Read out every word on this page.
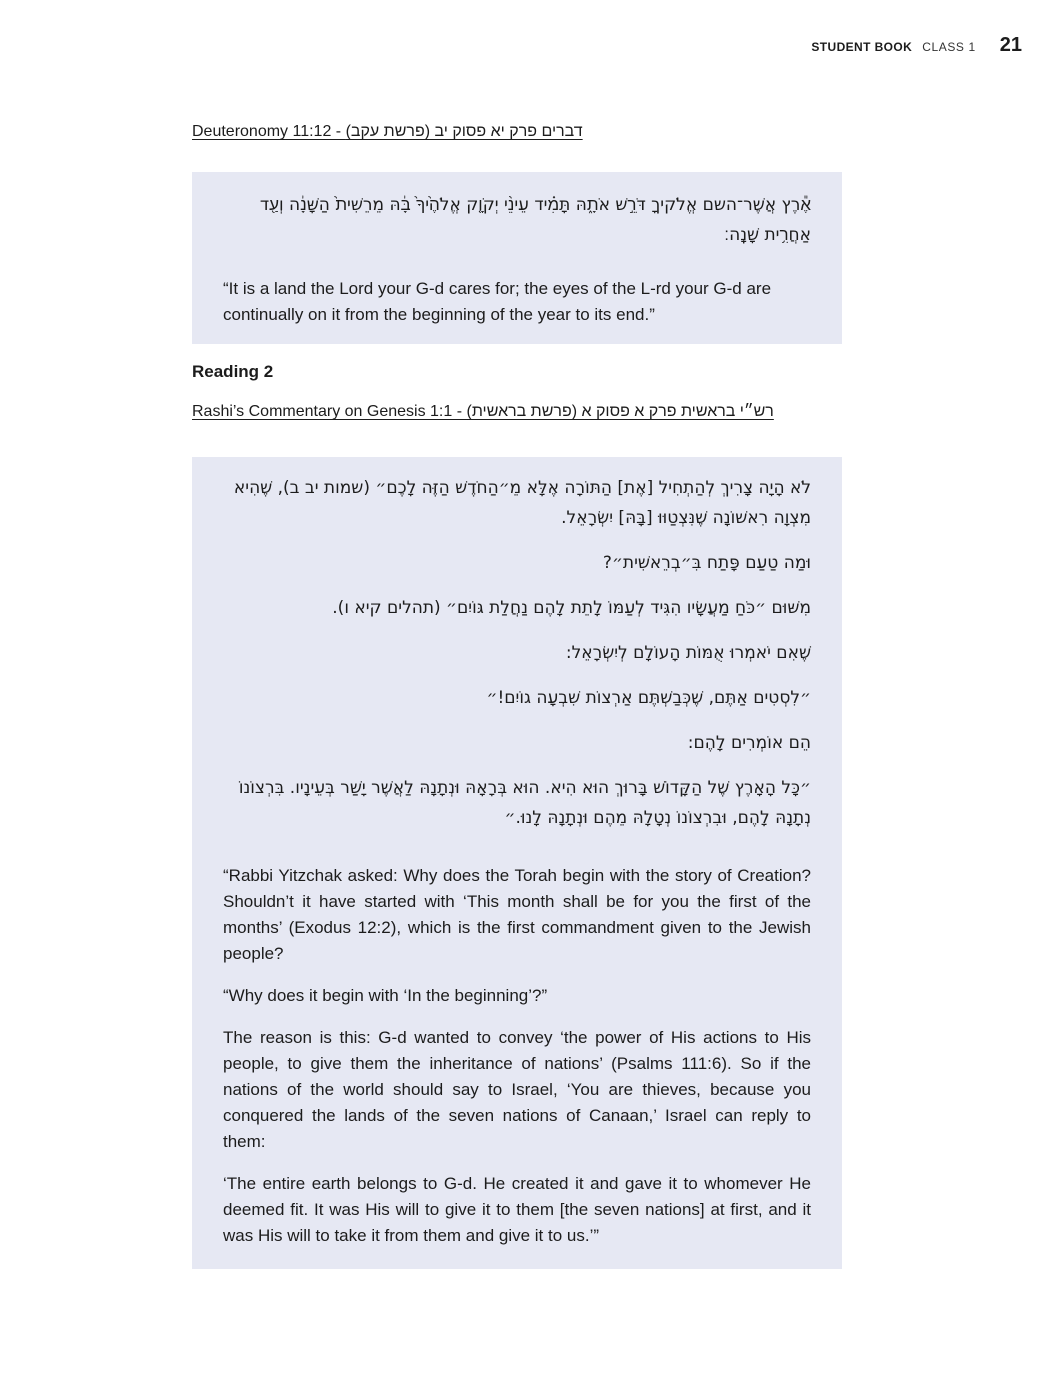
STUDENT BOOK CLASS 1 21

Deuteronomy 11:12 - דברים פרק יא פסוק יב (פרשת עקב)

אֶ֕רֶץ אֲשֶׁר־השם אֱלֹקיךָ דֹּרֵ֣שׁ אֹתָ֑הּ תָּמִ֗יד עֵינֵ֨י יְקֹוָ֤ק אֱלֹהֶ֙יךָ֙ בָּ֔הּ מֵרֵשִׁית֙ הַשָּׁנָ֔ה וְעַ֖ד אַחֲרִ֥ית שָׁנָֽה׃

“It is a land the Lord your G-d cares for; the eyes of the L-rd your G-d are continually on it from the beginning of the year to its end.”

Reading 2

Rashi’s Commentary on Genesis 1:1 - רש״י בראשית פרק א פסוק א (פרשת בראשית)

לֹא הָיָה צָרִיךְ לְהַתְחִיל [אֶת] הַתּוֹרָה אֶלָּא מֵ״הַחֹדֶשׁ הַזֶּה לָכֶם״ (שמות יב ב), שֶׁהִיא מִצְוָה רִאשׁוֹנָה שֶׁנִּצְטַוּוּ [בָּהּ] יִשְׂרָאֵל.

וּמַה טַעַם פָּתַח בִּ״בְרֵאשִׁית״?

מִשּׁוּם ״כֹּחַ מַעֲשָׂיו הִגִּיד לְעַמּוֹ לָתֵת לָהֶם נַחֲלַת גּוֹיִם״ (תהלים קיא ו).

שֶׁאִם יֹאמְרוּ אֻמּוֹת הָעוֹלָם לְיִשְׂרָאֵל:

״לִסְטִים אַתֶּם, שֶׁכְּבַשְׁתֶּם אַרְצוֹת שִׁבְעָה גוֹיִם!״

הֵם אוֹמְרִים לָהֶם:

״כָּל הָאָרֶץ שֶׁל הַקָּדוֹשׁ בָּרוּךְ הוּא הִיא. הוּא בְּרָאָהּ וּנְתָנָהּ לַאֲשֶׁר יָשַׁר בְּעֵינָיו. בִּרְצוֹנוֹ נְתָנָהּ לָהֶם, וּבִרְצוֹנוֹ נְטָלָהּ מֵהֶם וּנְתָנָהּ לָנוּ.״

“Rabbi Yitzchak asked: Why does the Torah begin with the story of Creation? Shouldn’t it have started with ‘This month shall be for you the first of the months’ (Exodus 12:2), which is the first commandment given to the Jewish people?

“Why does it begin with ‘In the beginning’?”

The reason is this: G-d wanted to convey ‘the power of His actions to His people, to give them the inheritance of nations’ (Psalms 111:6). So if the nations of the world should say to Israel, ‘You are thieves, because you conquered the lands of the seven nations of Canaan,’ Israel can reply to them:

‘The entire earth belongs to G-d. He created it and gave it to whomever He deemed fit. It was His will to give it to them [the seven nations] at first, and it was His will to take it from them and give it to us.’”
